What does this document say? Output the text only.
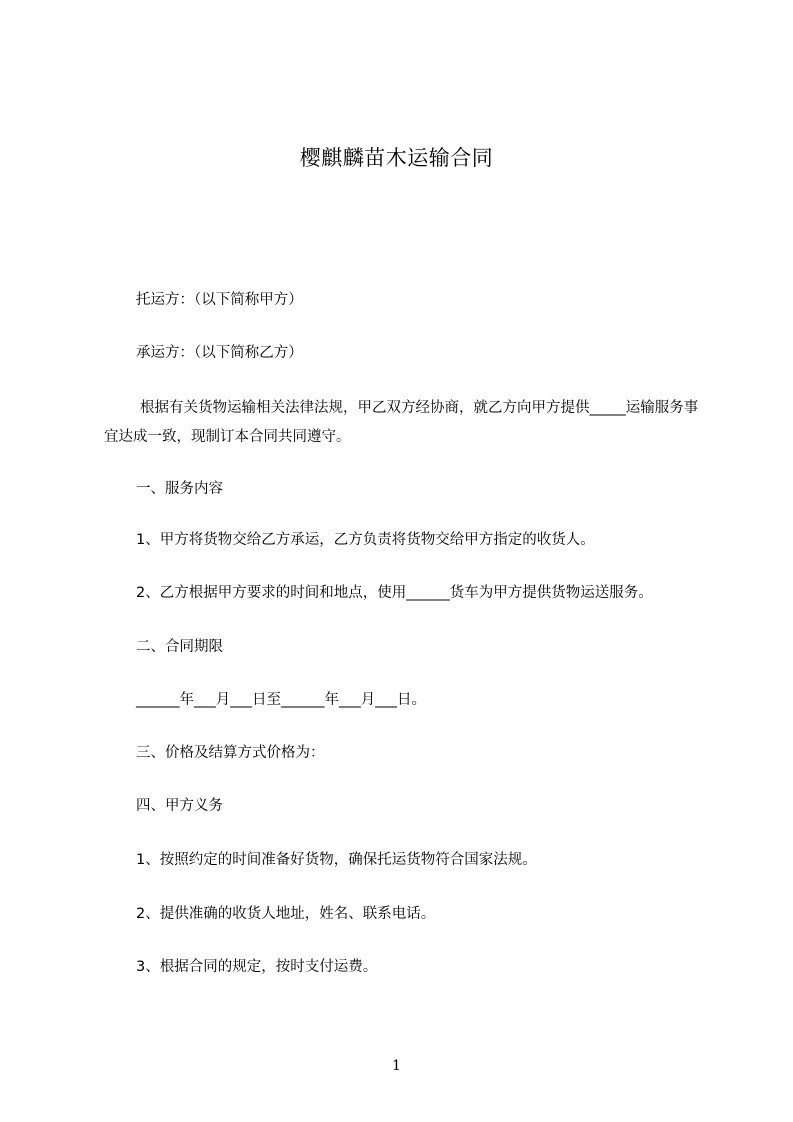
樱麒麟苗木运输合同
托运方：（以下简称甲方）
承运方：（以下简称乙方）
根据有关货物运输相关法律法规，甲乙双方经协商，就乙方向甲方提供_____运输服务事宜达成一致，现制订本合同共同遵守。
一、服务内容
1、甲方将货物交给乙方承运，乙方负责将货物交给甲方指定的收货人。
2、乙方根据甲方要求的时间和地点，使用______货车为甲方提供货物运送服务。
二、合同期限
______年___月___日至______年___月___日。
三、价格及结算方式价格为：
四、甲方义务
1、按照约定的时间准备好货物，确保托运货物符合国家法规。
2、提供准确的收货人地址，姓名、联系电话。
3、根据合同的规定，按时支付运费。
1
